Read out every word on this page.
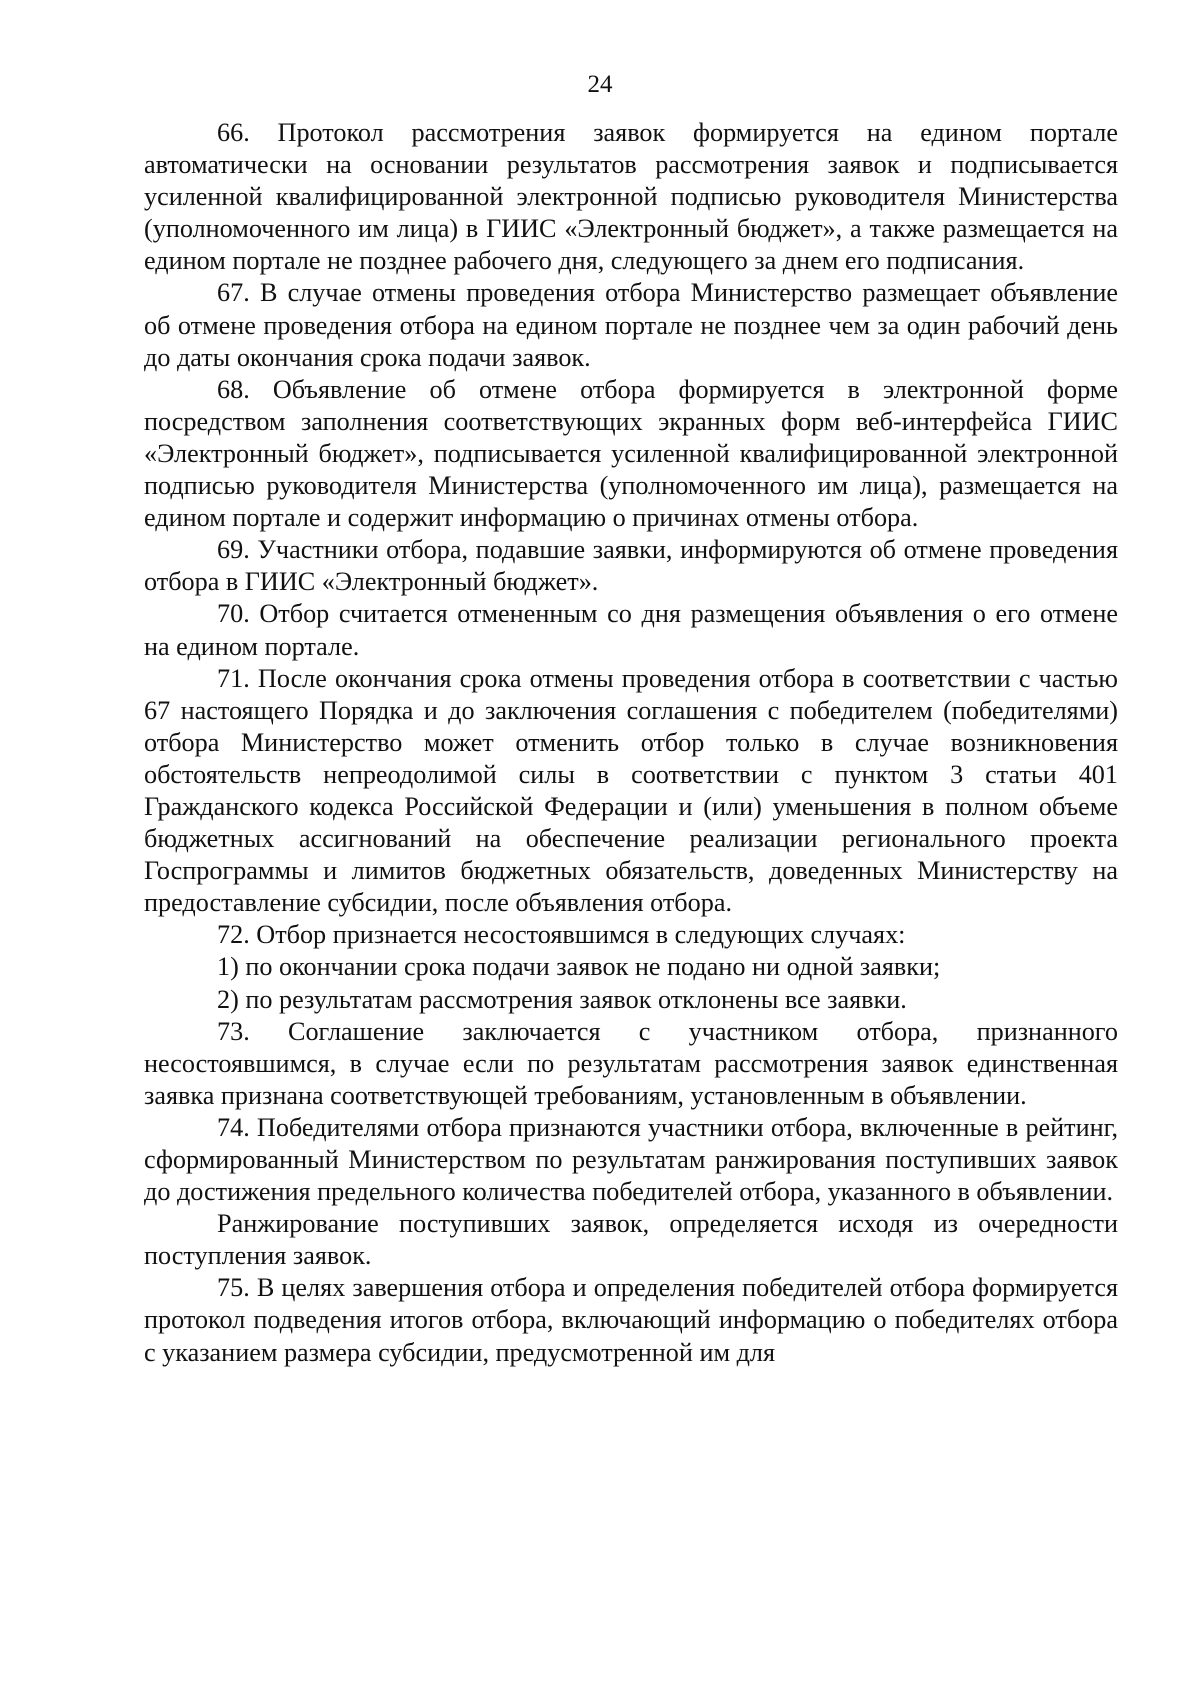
24

66. Протокол рассмотрения заявок формируется на едином портале автоматически на основании результатов рассмотрения заявок и подписывается усиленной квалифицированной электронной подписью руководителя Министерства (уполномоченного им лица) в ГИИС «Электронный бюджет», а также размещается на едином портале не позднее рабочего дня, следующего за днем его подписания.

67. В случае отмены проведения отбора Министерство размещает объявление об отмене проведения отбора на едином портале не позднее чем за один рабочий день до даты окончания срока подачи заявок.

68. Объявление об отмене отбора формируется в электронной форме посредством заполнения соответствующих экранных форм веб-интерфейса ГИИС «Электронный бюджет», подписывается усиленной квалифицированной электронной подписью руководителя Министерства (уполномоченного им лица), размещается на едином портале и содержит информацию о причинах отмены отбора.

69. Участники отбора, подавшие заявки, информируются об отмене проведения отбора в ГИИС «Электронный бюджет».

70. Отбор считается отмененным со дня размещения объявления о его отмене на едином портале.

71. После окончания срока отмены проведения отбора в соответствии с частью 67 настоящего Порядка и до заключения соглашения с победителем (победителями) отбора Министерство может отменить отбор только в случае возникновения обстоятельств непреодолимой силы в соответствии с пунктом 3 статьи 401 Гражданского кодекса Российской Федерации и (или) уменьшения в полном объеме бюджетных ассигнований на обеспечение реализации регионального проекта Госпрограммы и лимитов бюджетных обязательств, доведенных Министерству на предоставление субсидии, после объявления отбора.

72. Отбор признается несостоявшимся в следующих случаях:

1) по окончании срока подачи заявок не подано ни одной заявки;

2) по результатам рассмотрения заявок отклонены все заявки.

73. Соглашение заключается с участником отбора, признанного несостоявшимся, в случае если по результатам рассмотрения заявок единственная заявка признана соответствующей требованиям, установленным в объявлении.

74. Победителями отбора признаются участники отбора, включенные в рейтинг, сформированный Министерством по результатам ранжирования поступивших заявок до достижения предельного количества победителей отбора, указанного в объявлении.

Ранжирование поступивших заявок, определяется исходя из очередности поступления заявок.

75. В целях завершения отбора и определения победителей отбора формируется протокол подведения итогов отбора, включающий информацию о победителях отбора с указанием размера субсидии, предусмотренной им для
